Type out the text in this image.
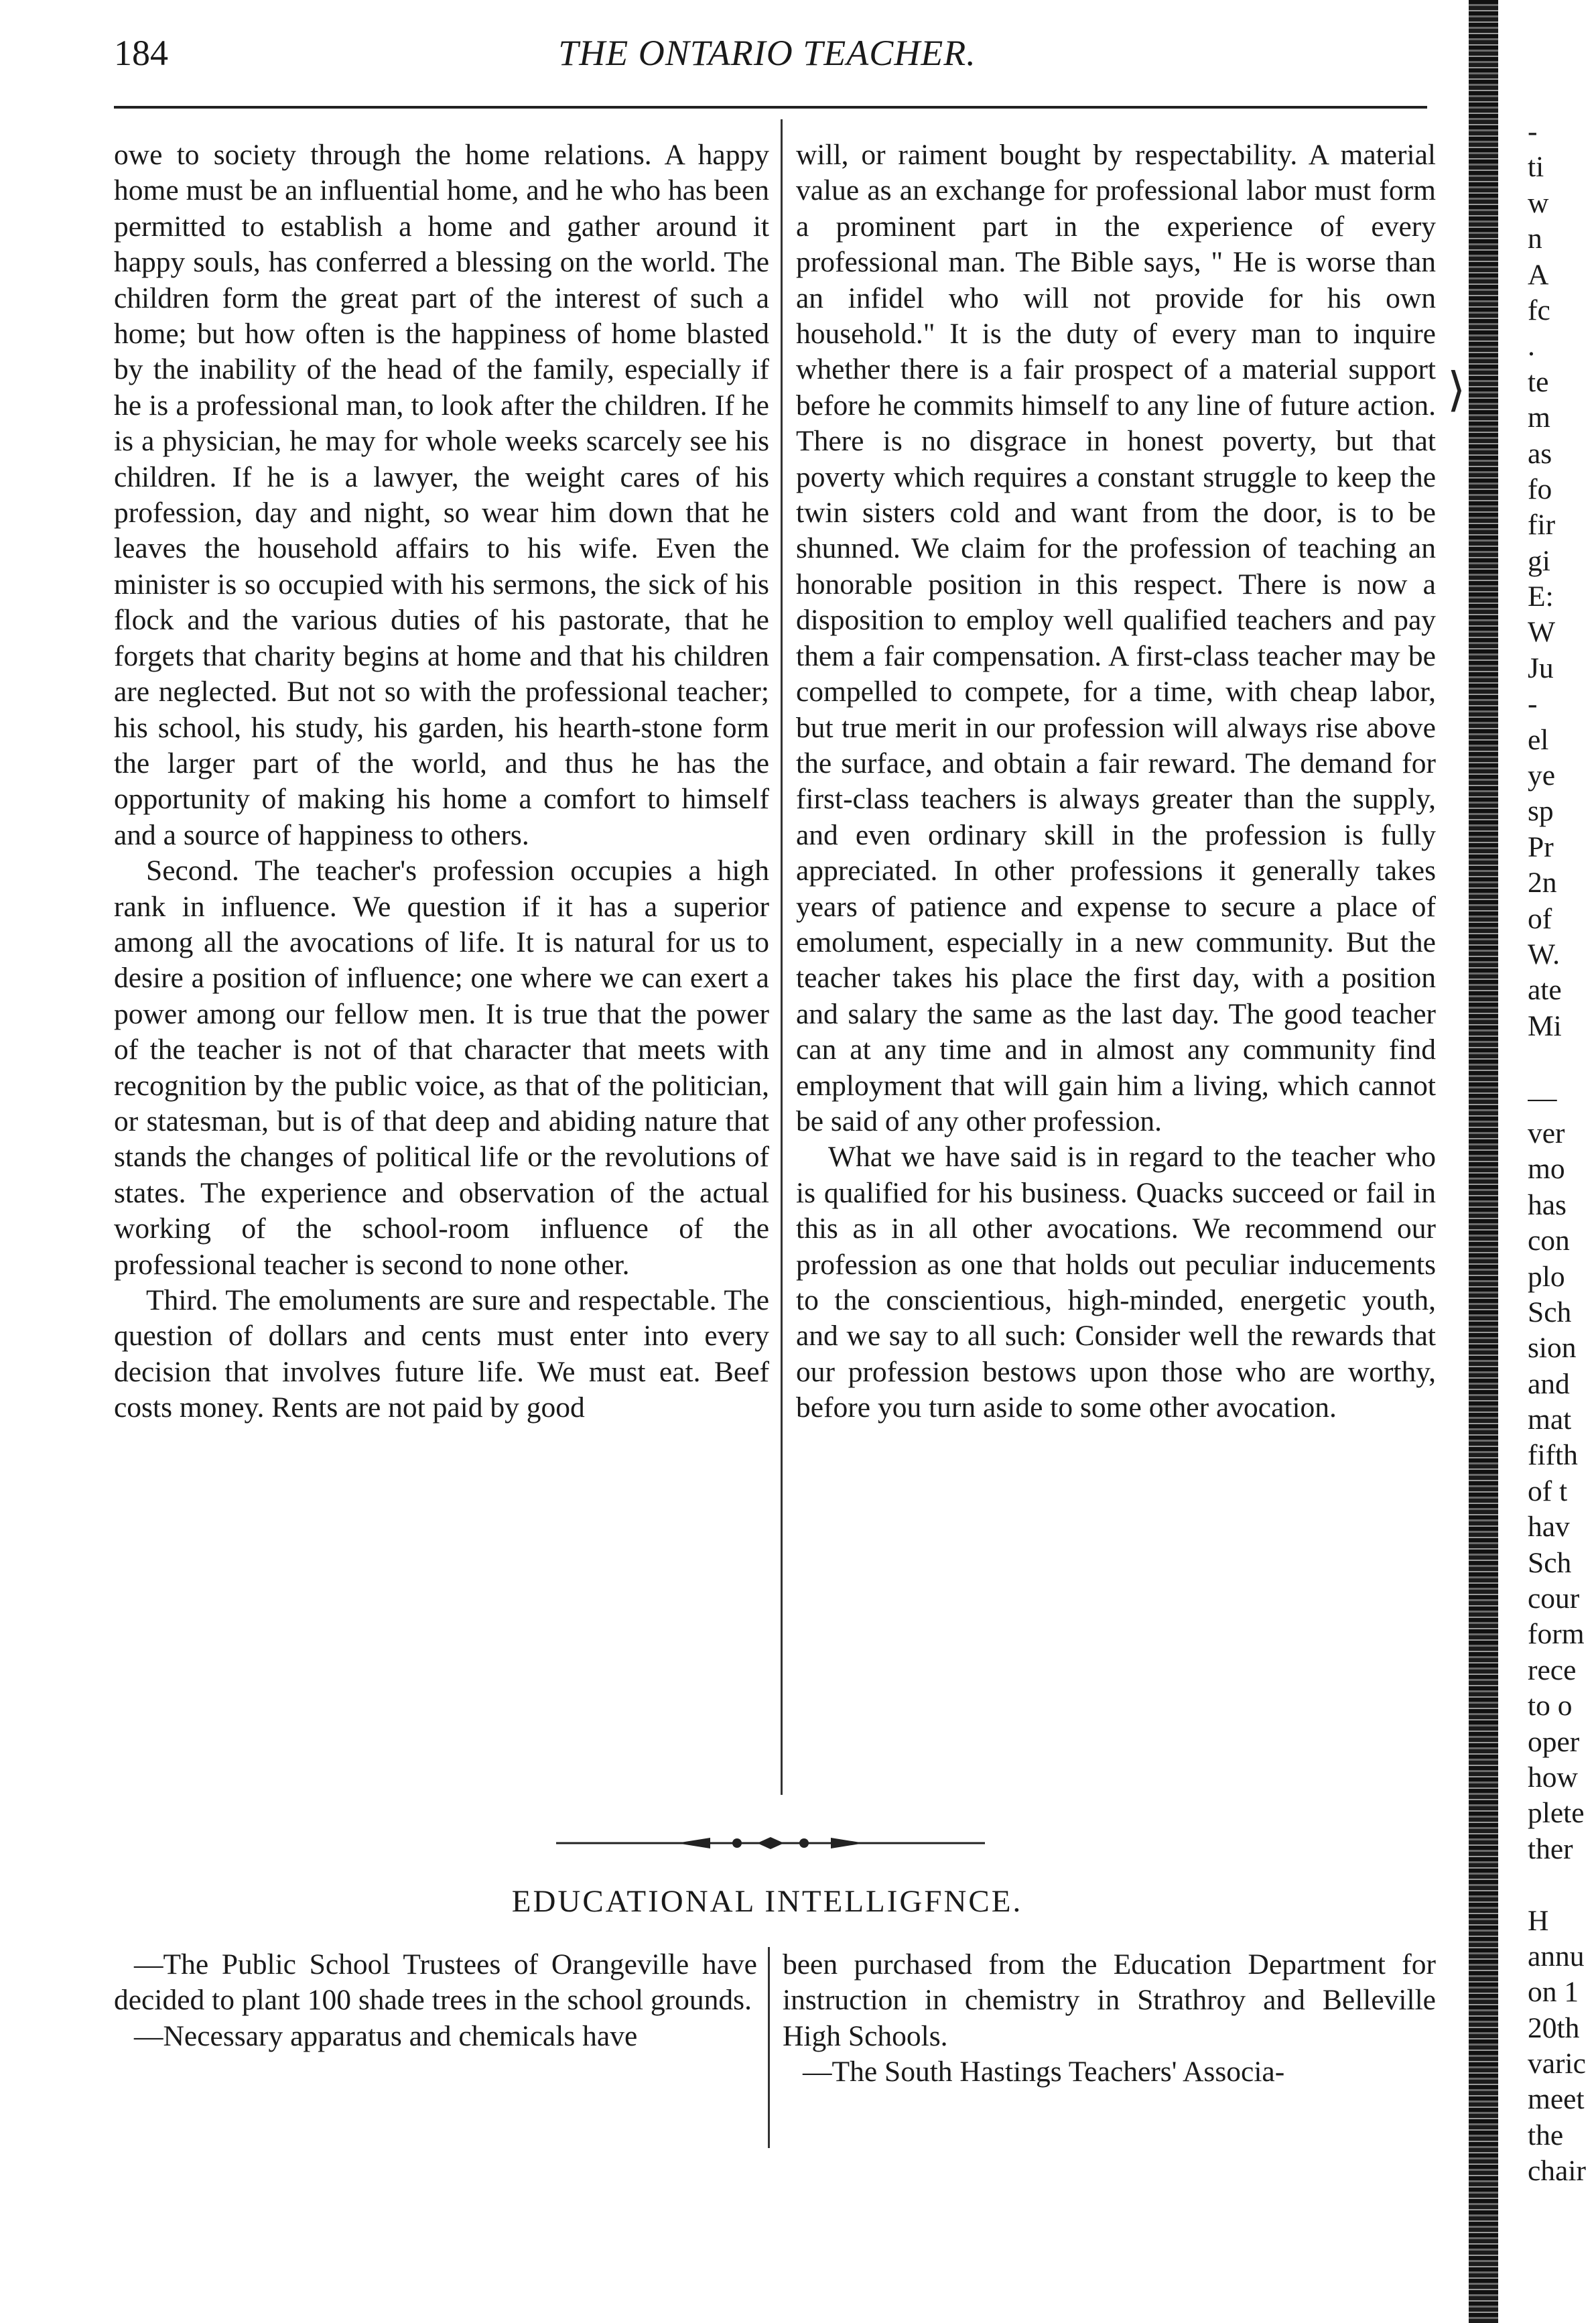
184	THE ONTARIO TEACHER.

owe to society through the home relations. A happy home must be an influential home, and he who has been permitted to establish a home and gather around it happy souls, has conferred a blessing on the world. The children form the great part of the interest of such a home; but how often is the happiness of home blasted by the inability of the head of the family, especially if he is a professional man, to look after the children. If he is a physician, he may for whole weeks scarcely see his children. If he is a lawyer, the weight cares of his profession, day and night, so wear him down that he leaves the household affairs to his wife. Even the minister is so occupied with his sermons, the sick of his flock and the various duties of his pastorate, that he forgets that charity begins at home and that his children are neglected. But not so with the professional teacher; his school, his study, his garden, his hearth-stone form the larger part of the world, and thus he has the opportunity of making his home a comfort to himself and a source of happiness to others.

Second. The teacher's profession occupies a high rank in influence. We question if it has a superior among all the avocations of life. It is natural for us to desire a position of influence; one where we can exert a power among our fellow men. It is true that the power of the teacher is not of that character that meets with recognition by the public voice, as that of the politician, or statesman, but is of that deep and abiding nature that stands the changes of political life or the revolutions of states. The experience and observation of the actual working of the school-room influence of the professional teacher is second to none other.

Third. The emoluments are sure and respectable. The question of dollars and cents must enter into every decision that involves future life. We must eat. Beef costs money. Rents are not paid by good

will, or raiment bought by respectability. A material value as an exchange for professional labor must form a prominent part in the experience of every professional man. The Bible says, " He is worse than an infidel who will not provide for his own household." It is the duty of every man to inquire whether there is a fair prospect of a material support before he commits himself to any line of future action. There is no disgrace in honest poverty, but that poverty which requires a constant struggle to keep the twin sisters cold and want from the door, is to be shunned. We claim for the profession of teaching an honorable position in this respect. There is now a disposition to employ well qualified teachers and pay them a fair compensation. A first-class teacher may be compelled to compete, for a time, with cheap labor, but true merit in our profession will always rise above the surface, and obtain a fair reward. The demand for first-class teachers is always greater than the supply, and even ordinary skill in the profession is fully appreciated. In other professions it generally takes years of patience and expense to secure a place of emolument, especially in a new community. But the teacher takes his place the first day, with a position and salary the same as the last day. The good teacher can at any time and in almost any community find employment that will gain him a living, which cannot be said of any other profession.

What we have said is in regard to the teacher who is qualified for his business. Quacks succeed or fail in this as in all other avocations. We recommend our profession as one that holds out peculiar inducements to the conscientious, high-minded, energetic youth, and we say to all such: Consider well the rewards that our profession bestows upon those who are worthy, before you turn aside to some other avocation.

EDUCATIONAL INTELLIGFNCE.

—The Public School Trustees of Orangeville have decided to plant 100 shade trees in the school grounds.

—Necessary apparatus and chemicals have

been purchased from the Education Department for instruction in chemistry in Strathroy and Belleville High Schools.

—The South Hastings Teachers' Associa-

⟩
-
ti
w
n
A
fc
.
te
m
as
fo
fir
gi
E:
W
Ju
-
el
ye
sp
Pr
2n
of
W.
ate
Mi
—
ver
mo
has
con
plo
Sch
sion
and
mat
fifth
of t
hav
Sch
cour
form
rece
to o
oper
how
plete
ther
H
annu
on 1
20th
varic
meet
the
chair
